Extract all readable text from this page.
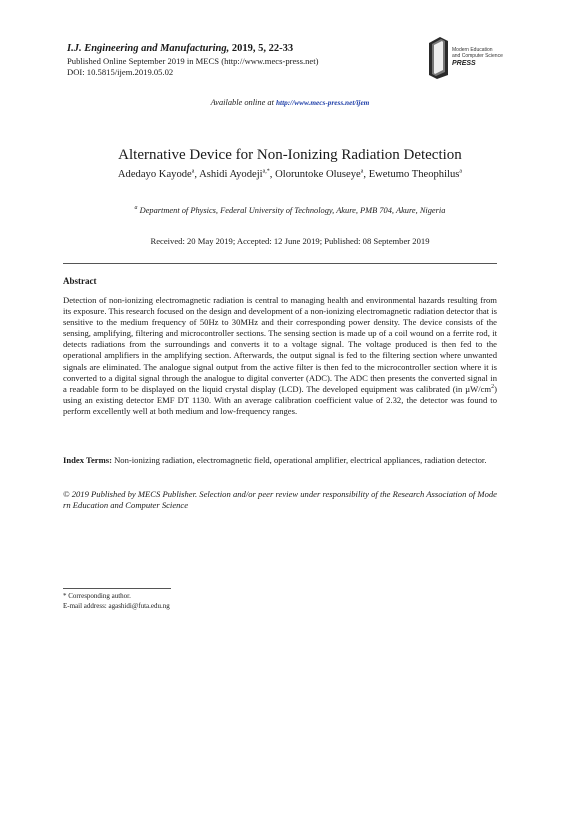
I.J. Engineering and Manufacturing, 2019, 5, 22-33
Published Online September 2019 in MECS (http://www.mecs-press.net)
DOI: 10.5815/ijem.2019.05.02
Modern Education
and Computer Science
PRESS
Available online at http://www.mecs-press.net/ijem
Alternative Device for Non-Ionizing Radiation Detection
Adedayo Kayode$^a$, Ashidi Ayodeji$^{a,*}$, Oloruntoke Oluseye$^a$, Ewetumo Theophilus$^a$
$^a$ Department of Physics, Federal University of Technology, Akure, PMB 704, Akure, Nigeria
Received: 20 May 2019; Accepted: 12 June 2019; Published: 08 September 2019
Abstract
Detection of non-ionizing electromagnetic radiation is central to managing health and environmental hazards resulting from its exposure. This research focused on the design and development of a non-ionizing electromagnetic radiation detector that is sensitive to the medium frequency of 50Hz to 30MHz and their corresponding power density. The device consists of the sensing, amplifying, filtering and microcontroller sections. The sensing section is made up of a coil wound on a ferrite rod, it detects radiations from the surroundings and converts it to a voltage signal. The voltage produced is then fed to the operational amplifiers in the amplifying section. Afterwards, the output signal is fed to the filtering section where unwanted signals are eliminated. The analogue signal output from the active filter is then fed to the microcontroller section where it is converted to a digital signal through the analogue to digital converter (ADC). The ADC then presents the converted signal in a readable form to be displayed on the liquid crystal display (LCD). The developed equipment was calibrated (in $\mu W/cm^2$) using an existing detector EMF DT 1130. With an average calibration coefficient value of 2.32, the detector was found to perform excellently well at both medium and low-frequency ranges.
Index Terms: Non-ionizing radiation, electromagnetic field, operational amplifier, electrical appliances, radiation detector.
© 2019 Published by MECS Publisher. Selection and/or peer review under responsibility of the Research Association of Mode rn Education and Computer Science
* Corresponding author.
E-mail address: agashidi@futa.edu.ng
